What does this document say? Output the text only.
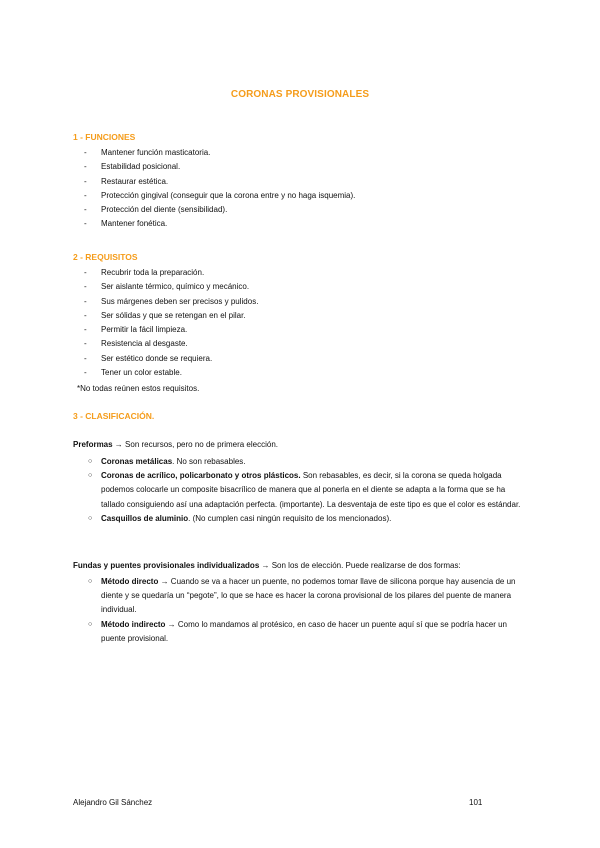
CORONAS PROVISIONALES
1 - FUNCIONES
- Mantener función masticatoria.
- Estabilidad posicional.
- Restaurar estética.
- Protección gingival (conseguir que la corona entre y no haga isquemia).
- Protección del diente (sensibilidad).
- Mantener fonética.
2 - REQUISITOS
- Recubrir toda la preparación.
- Ser aislante térmico, químico y mecánico.
- Sus márgenes deben ser precisos y pulidos.
- Ser sólidas y que se retengan en el pilar.
- Permitir la fácil limpieza.
- Resistencia al desgaste.
- Ser estético donde se requiera.
- Tener un color estable.
*No todas reúnen estos requisitos.
3 - CLASIFICACIÓN.
Preformas → Son recursos, pero no de primera elección.
○ Coronas metálicas. No son rebasables.
○ Coronas de acrílico, policarbonato y otros plásticos. Son rebasables, es decir, si la corona se queda holgada podemos colocarle un composite bisacrílico de manera que al ponerla en el diente se adapta a la forma que se ha tallado consiguiendo así una adaptación perfecta. (importante). La desventaja de este tipo es que el color es estándar.
○ Casquillos de aluminio. (No cumplen casi ningún requisito de los mencionados).
Fundas y puentes provisionales individualizados → Son los de elección. Puede realizarse de dos formas:
○ Método directo → Cuando se va a hacer un puente, no podemos tomar llave de silicona porque hay ausencia de un diente y se quedaría un “pegote”, lo que se hace es hacer la corona provisional de los pilares del puente de manera individual.
○ Método indirecto → Como lo mandamos al protésico, en caso de hacer un puente aquí sí que se podría hacer un puente provisional.
Alejandro Gil Sánchez	101
